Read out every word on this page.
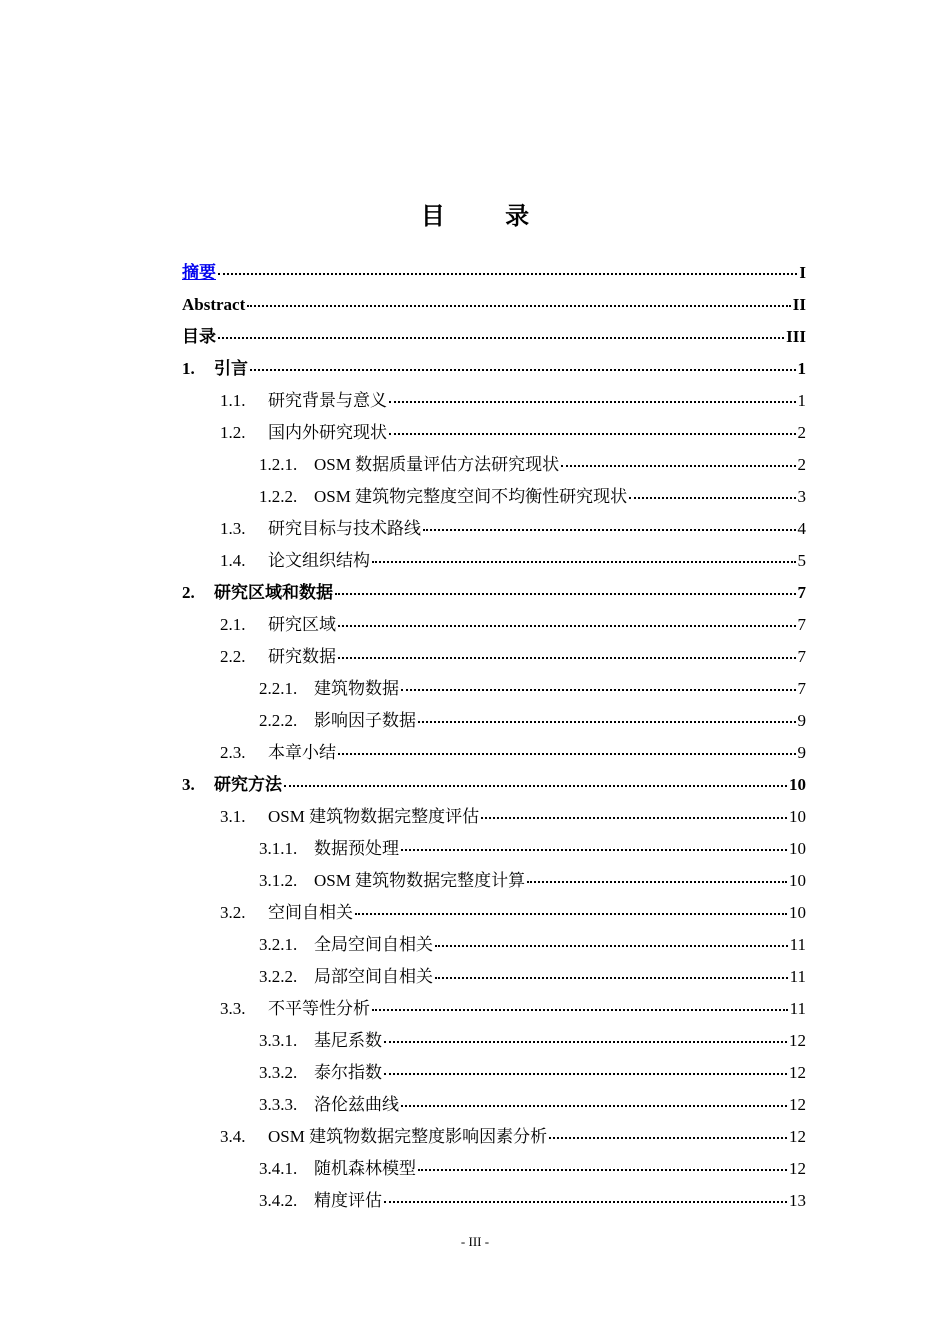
目 录
摘要	I
Abstract	II
目录	III
1.	引言	1
1.1.	研究背景与意义	1
1.2.	国内外研究现状	2
1.2.1. OSM 数据质量评估方法研究现状	2
1.2.2. OSM 建筑物完整度空间不均衡性研究现状	3
1.3.	研究目标与技术路线	4
1.4.	论文组织结构	5
2.	研究区域和数据	7
2.1.	研究区域	7
2.2.	研究数据	7
2.2.1. 建筑物数据	7
2.2.2. 影响因子数据	9
2.3.	本章小结	9
3.	研究方法	10
3.1.	OSM 建筑物数据完整度评估	10
3.1.1. 数据预处理	10
3.1.2. OSM 建筑物数据完整度计算	10
3.2.	空间自相关	10
3.2.1. 全局空间自相关	11
3.2.2. 局部空间自相关	11
3.3.	不平等性分析	11
3.3.1. 基尼系数	12
3.3.2. 泰尔指数	12
3.3.3. 洛伦兹曲线	12
3.4.	OSM 建筑物数据完整度影响因素分析	12
3.4.1. 随机森林模型	12
3.4.2. 精度评估	13
- III -
